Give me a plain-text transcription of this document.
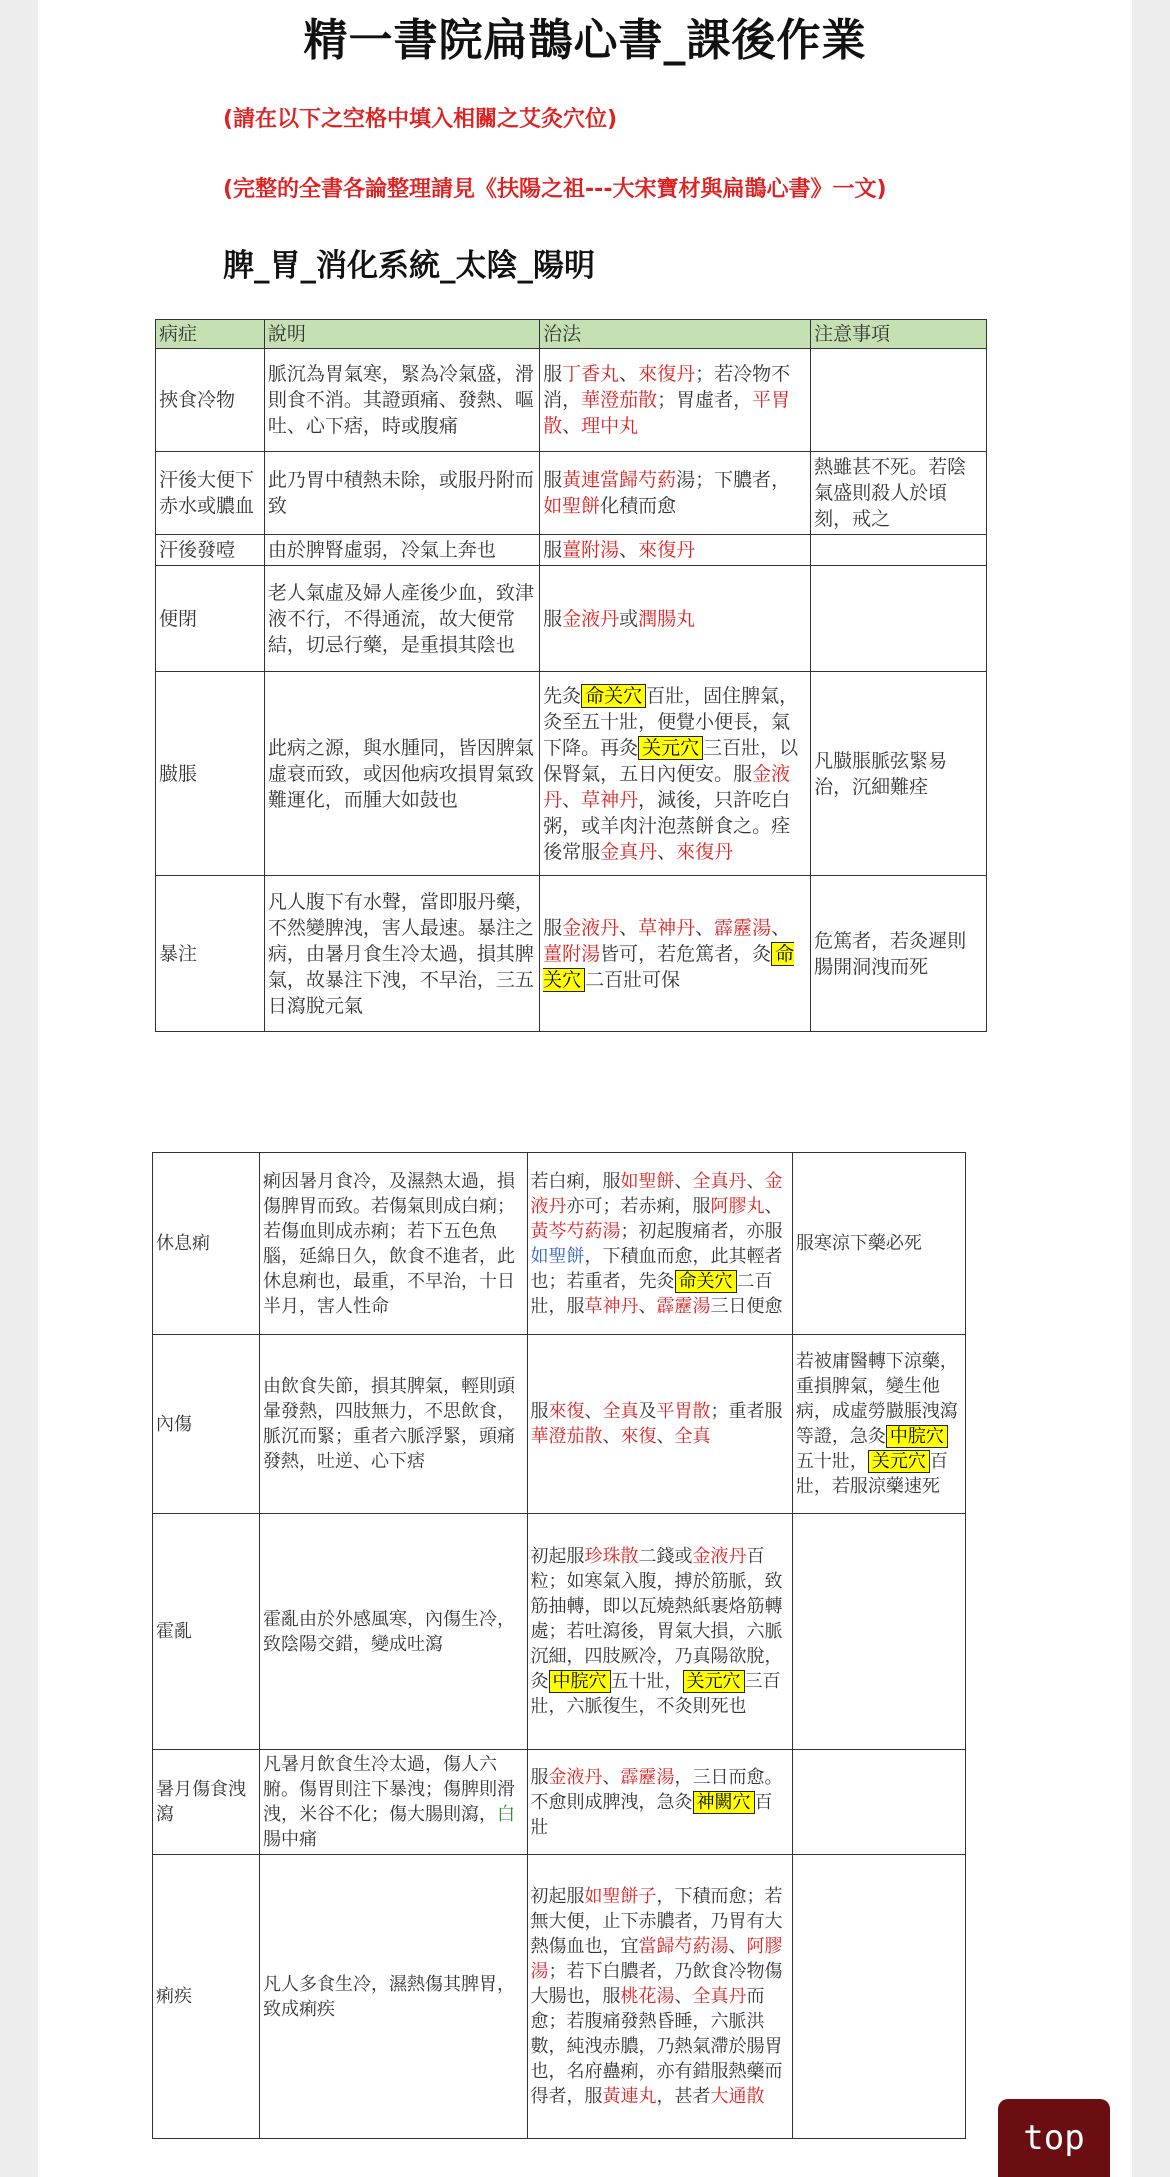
精一書院扁鵲心書_課後作業
(請在以下之空格中填入相關之艾灸穴位)
(完整的全書各論整理請見《扶陽之祖---大宋寶材與扁鵲心書》一文)
脾_胃_消化系統_太陰_陽明
病症	說明	治法	注意事項
挾食冷物	脈沉為胃氣寒，緊為冷氣盛，滑則食不消。其證頭痛、發熱、嘔吐、心下痞，時或腹痛	服丁香丸、來復丹；若冷物不消，華澄茄散；胃虛者，平胃散、理中丸	
汗後大便下赤水或膿血	此乃胃中積熱未除，或服丹附而致	服黃連當歸芍葯湯；下膿者，如聖餅化積而愈	熱雖甚不死。若陰氣盛則殺人於頃刻，戒之
汗後發噎	由於脾腎虛弱，冷氣上奔也	服薑附湯、來復丹	
便閉	老人氣虛及婦人產後少血，致津液不行，不得通流，故大便常結，切忌行藥，是重損其陰也	服金液丹或潤腸丸	
臌脹	此病之源，與水腫同，皆因脾氣虛衰而致，或因他病攻損胃氣致難運化，而腫大如鼓也	先灸 命关穴 百壯，固住脾氣，灸至五十壯，便覺小便長，氣下降。再灸 关元穴 三百壯，以保腎氣，五日內便安。服金液丹、草神丹，減後，只許吃白粥，或羊肉汁泡蒸餅食之。痊後常服金真丹、來復丹	凡臌脹脈弦緊易治，沉細難痊
暴注	凡人腹下有水聲，當即服丹藥，不然變脾洩，害人最速。暴注之病，由暑月食生冷太過，損其脾氣，故暴注下洩，不早治，三五日瀉脫元氣	服金液丹、草神丹、霹靂湯、薑附湯皆可，若危篤者，灸 命关穴 二百壯可保	危篤者，若灸遲則腸開洞洩而死
休息痢	痢因暑月食冷，及濕熱太過，損傷脾胃而致。若傷氣則成白痢；若傷血則成赤痢；若下五色魚腦，延綿日久，飲食不進者，此休息痢也，最重，不早治，十日半月，害人性命	若白痢，服如聖餅、全真丹、金液丹亦可；若赤痢，服阿膠丸、黃芩芍葯湯；初起腹痛者，亦服如聖餅，下積血而愈，此其輕者也；若重者，先灸 命关穴 二百壯，服草神丹、霹靂湯三日便愈	服寒涼下藥必死
內傷	由飲食失節，損其脾氣，輕則頭暈發熱，四肢無力，不思飲食，脈沉而緊；重者六脈浮緊，頭痛發熱，吐逆、心下痞	服來復、全真及平胃散；重者服華澄茄散、來復、全真	若被庸醫轉下涼藥，重損脾氣，變生他病，成虛勞臌脹洩瀉等證，急灸 中脘穴五十壯， 关元穴 百壯，若服涼藥速死
霍亂	霍亂由於外感風寒，內傷生冷，致陰陽交錯，變成吐瀉	初起服珍珠散二錢或金液丹百粒；如寒氣入腹，搏於筋脈，致筋抽轉，即以瓦燒熱紙裹烙筋轉處；若吐瀉後，胃氣大損，六脈沉細，四肢厥冷，乃真陽欲脫，灸 中脘穴 五十壯， 关元穴 三百壯，六脈復生，不灸則死也	
暑月傷食洩瀉	凡暑月飲食生冷太過，傷人六腑。傷胃則注下暴洩；傷脾則滑洩，米谷不化；傷大腸則瀉，白腸中痛	服金液丹、霹靂湯，三日而愈。不愈則成脾洩，急灸 神闕穴 百壯	
痢疾	凡人多食生冷，濕熱傷其脾胃，致成痢疾	初起服如聖餅子，下積而愈；若無大便，止下赤膿者，乃胃有大熱傷血也，宜當歸芍葯湯、阿膠湯；若下白膿者，乃飲食冷物傷大腸也，服桃花湯、全真丹而愈；若腹痛發熱昏睡，六脈洪數，純洩赤膿，乃熱氣滯於腸胃也，名府蠱痢，亦有錯服熱藥而得者，服黃連丸，甚者大通散	
top
